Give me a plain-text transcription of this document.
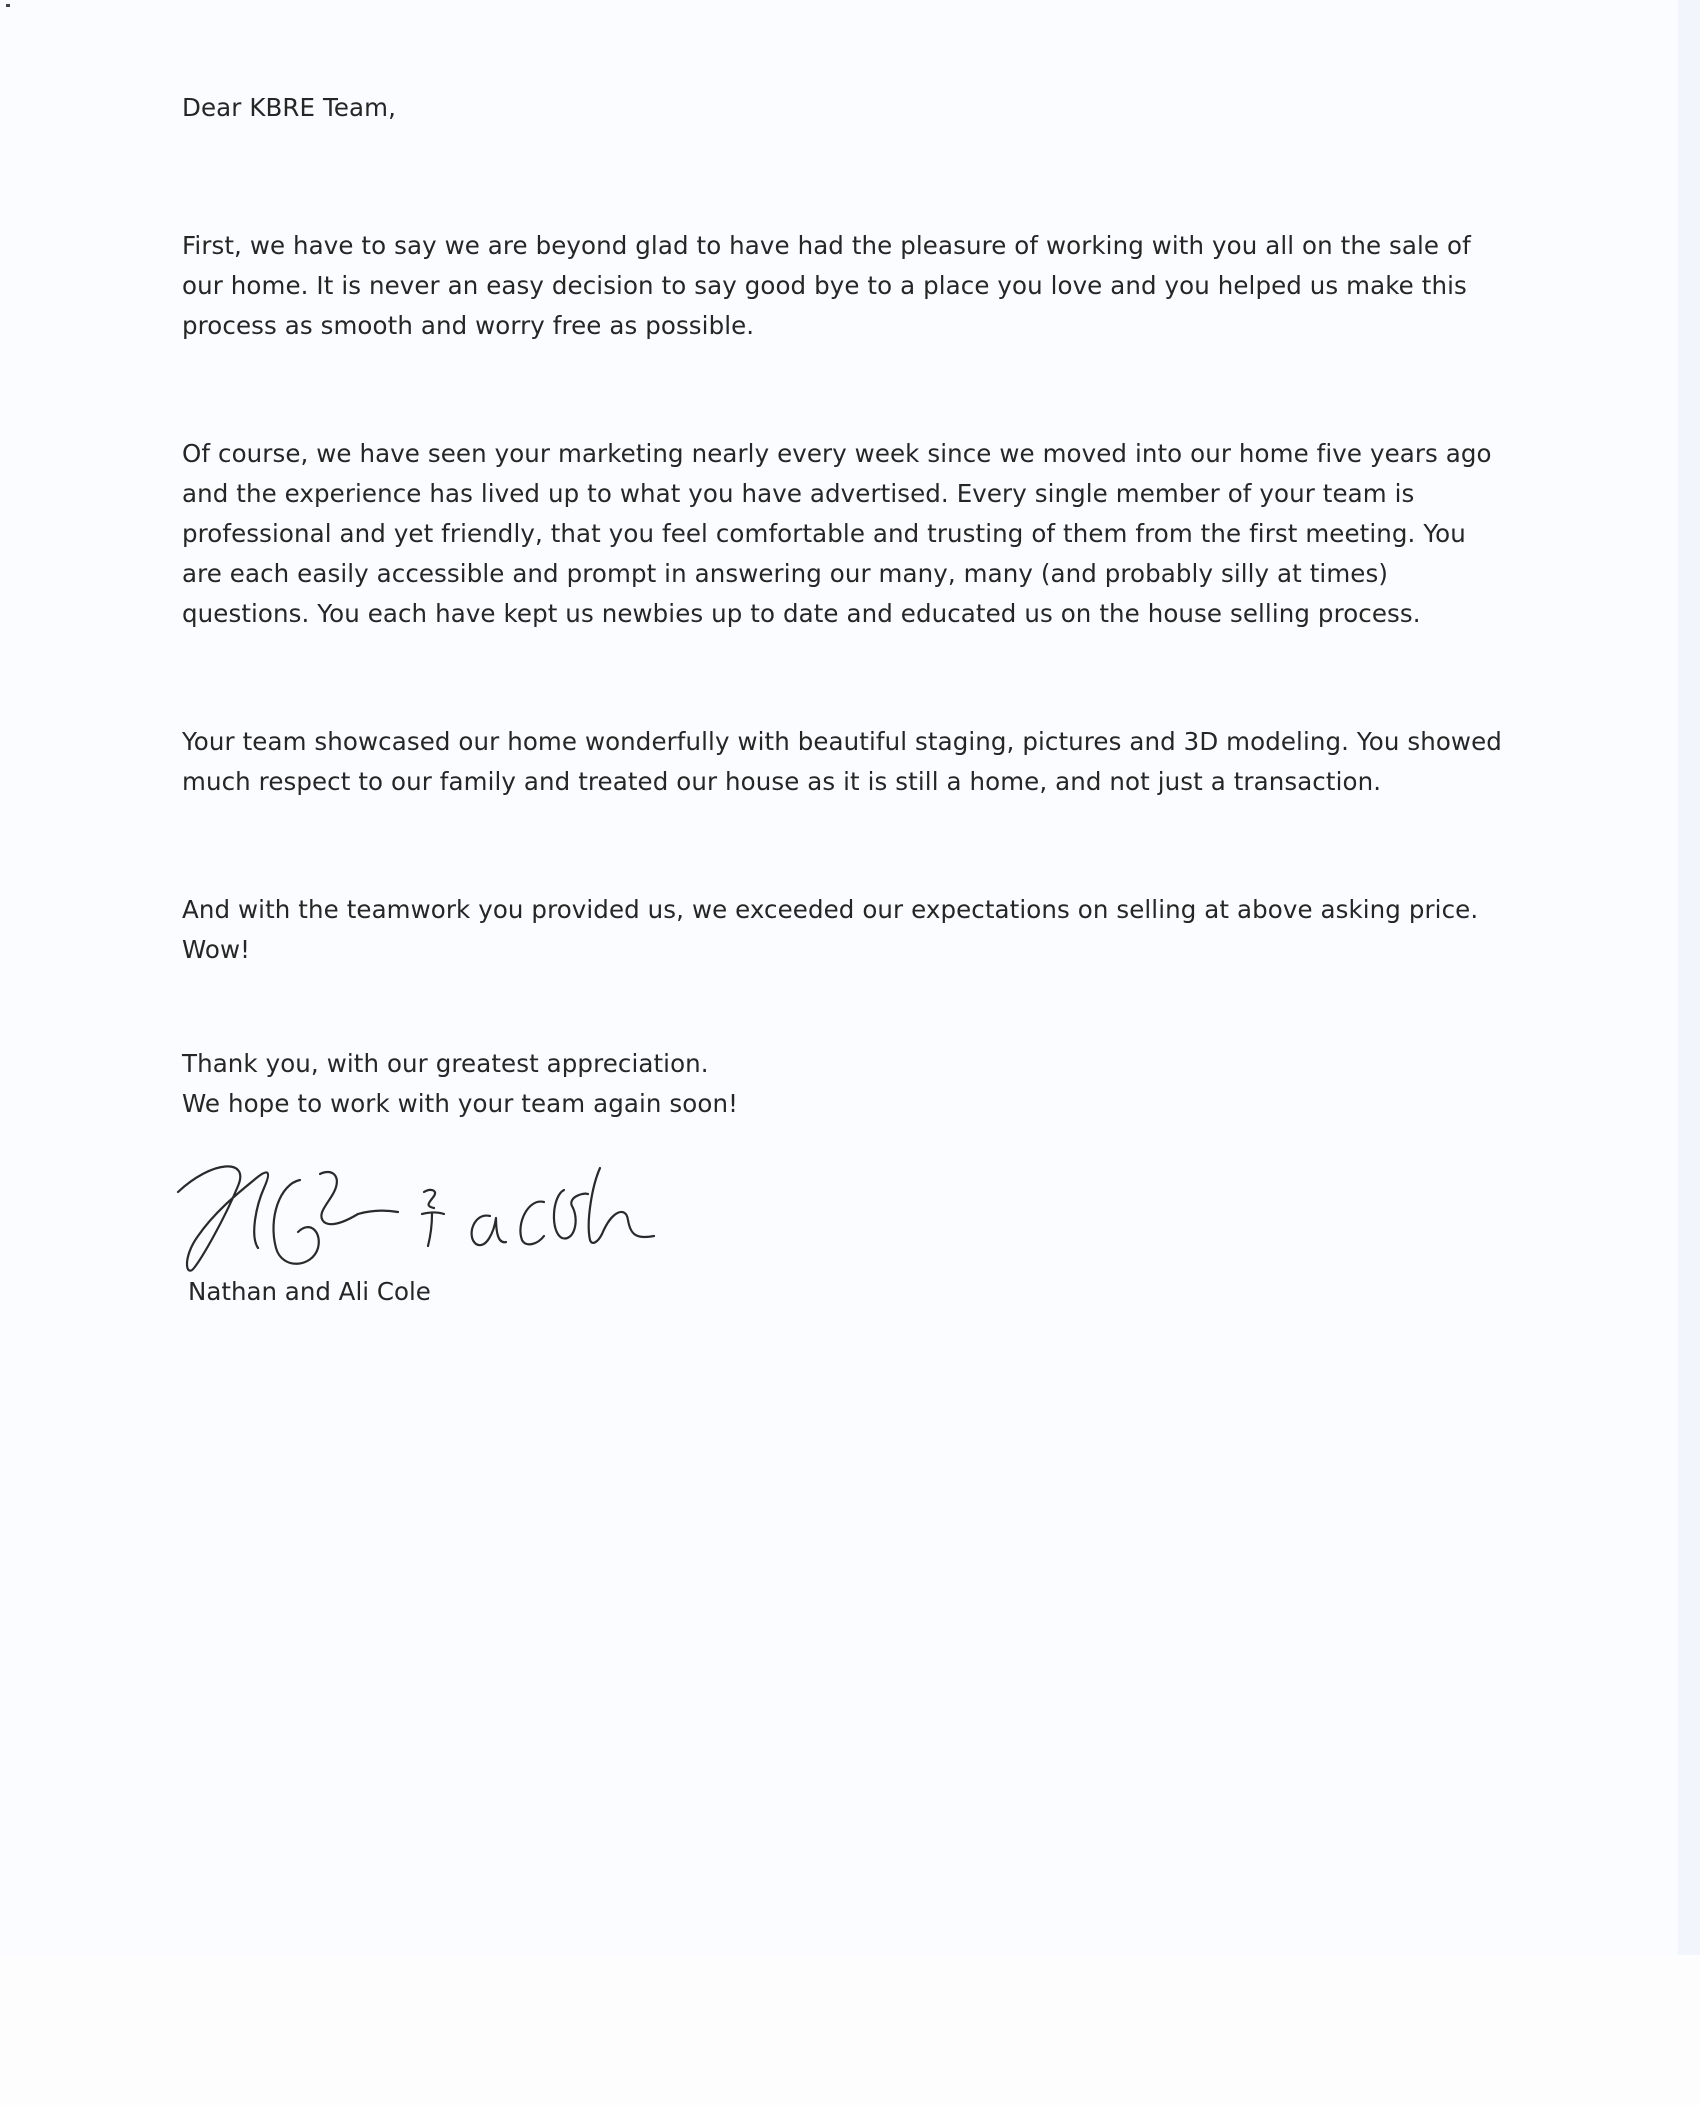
Dear KBRE Team,

First, we have to say we are beyond glad to have had the pleasure of working with you all on the sale of our home. It is never an easy decision to say good bye to a place you love and you helped us make this process as smooth and worry free as possible.

Of course, we have seen your marketing nearly every week since we moved into our home five years ago and the experience has lived up to what you have advertised. Every single member of your team is professional and yet friendly, that you feel comfortable and trusting of them from the first meeting. You are each easily accessible and prompt in answering our many, many (and probably silly at times) questions. You each have kept us newbies up to date and educated us on the house selling process.

Your team showcased our home wonderfully with beautiful staging, pictures and 3D modeling. You showed much respect to our family and treated our house as it is still a home, and not just a transaction.

And with the teamwork you provided us, we exceeded our expectations on selling at above asking price. Wow!

Thank you, with our greatest appreciation.
We hope to work with your team again soon!

Nathan and Ali Cole
